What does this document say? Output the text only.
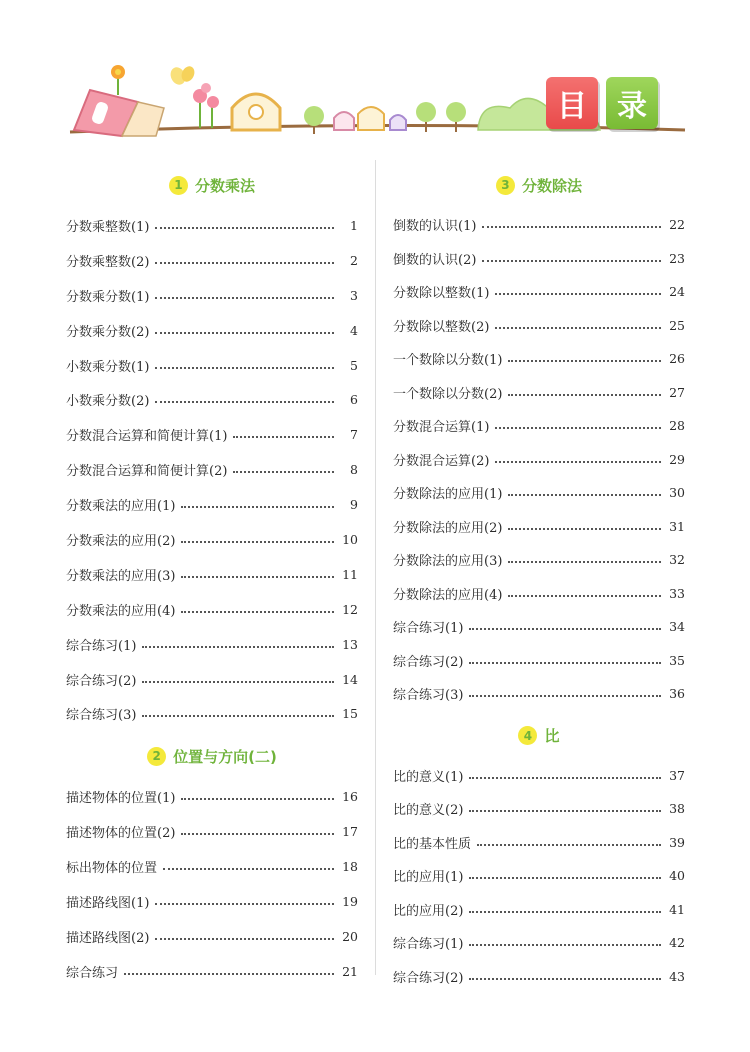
目	录
1 分数乘法
分数乘整数(1)	1
分数乘整数(2)	2
分数乘分数(1)	3
分数乘分数(2)	4
小数乘分数(1)	5
小数乘分数(2)	6
分数混合运算和简便计算(1)	7
分数混合运算和简便计算(2)	8
分数乘法的应用(1)	9
分数乘法的应用(2)	10
分数乘法的应用(3)	11
分数乘法的应用(4)	12
综合练习(1)	13
综合练习(2)	14
综合练习(3)	15
2 位置与方向(二)
描述物体的位置(1)	16
描述物体的位置(2)	17
标出物体的位置	18
描述路线图(1)	19
描述路线图(2)	20
综合练习	21
3 分数除法
倒数的认识(1)	22
倒数的认识(2)	23
分数除以整数(1)	24
分数除以整数(2)	25
一个数除以分数(1)	26
一个数除以分数(2)	27
分数混合运算(1)	28
分数混合运算(2)	29
分数除法的应用(1)	30
分数除法的应用(2)	31
分数除法的应用(3)	32
分数除法的应用(4)	33
综合练习(1)	34
综合练习(2)	35
综合练习(3)	36
4 比
比的意义(1)	37
比的意义(2)	38
比的基本性质	39
比的应用(1)	40
比的应用(2)	41
综合练习(1)	42
综合练习(2)	43
